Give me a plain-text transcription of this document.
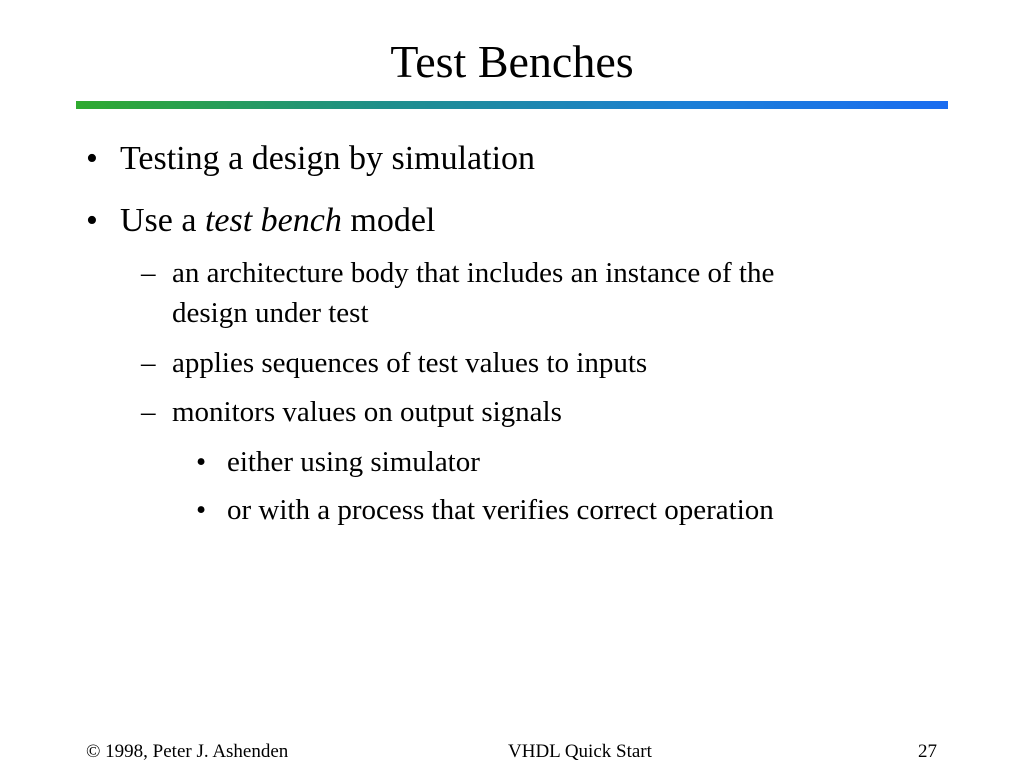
Test Benches
• Testing a design by simulation
• Use a test bench model
– an architecture body that includes an instance of the
design under test
– applies sequences of test values to inputs
– monitors values on output signals
• either using simulator
• or with a process that verifies correct operation
© 1998, Peter J. Ashenden	VHDL Quick Start	27
